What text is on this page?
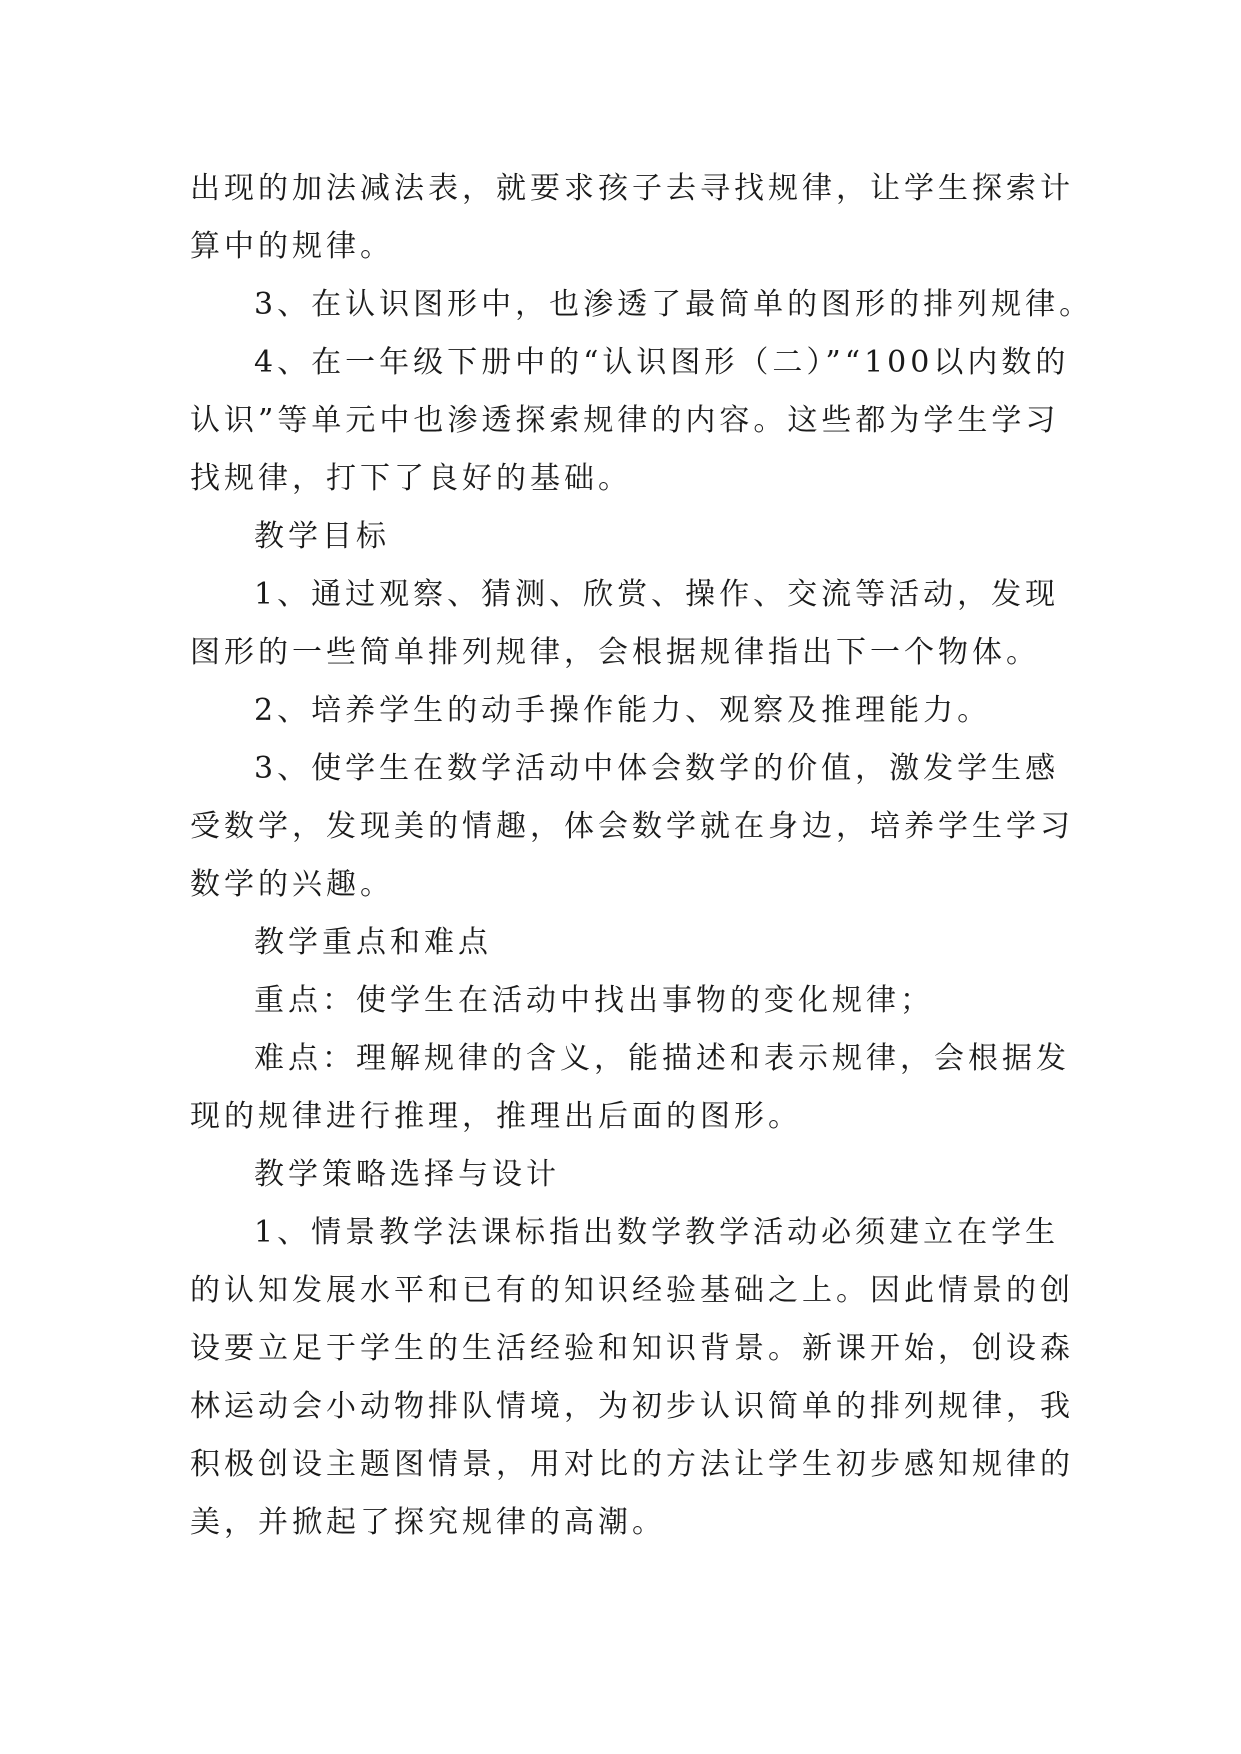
出现的加法减法表，就要求孩子去寻找规律，让学生探索计
算中的规律。
3、在认识图形中，也渗透了最简单的图形的排列规律。
4、在一年级下册中的“认识图形（二）”“100以内数的
认识”等单元中也渗透探索规律的内容。这些都为学生学习
找规律，打下了良好的基础。
教学目标
1、通过观察、猜测、欣赏、操作、交流等活动，发现
图形的一些简单排列规律，会根据规律指出下一个物体。
2、培养学生的动手操作能力、观察及推理能力。
3、使学生在数学活动中体会数学的价值，激发学生感
受数学，发现美的情趣，体会数学就在身边，培养学生学习
数学的兴趣。
教学重点和难点
重点：使学生在活动中找出事物的变化规律；
难点：理解规律的含义，能描述和表示规律，会根据发
现的规律进行推理，推理出后面的图形。
教学策略选择与设计
1、情景教学法课标指出数学教学活动必须建立在学生
的认知发展水平和已有的知识经验基础之上。因此情景的创
设要立足于学生的生活经验和知识背景。新课开始，创设森
林运动会小动物排队情境，为初步认识简单的排列规律，我
积极创设主题图情景，用对比的方法让学生初步感知规律的
美，并掀起了探究规律的高潮。
